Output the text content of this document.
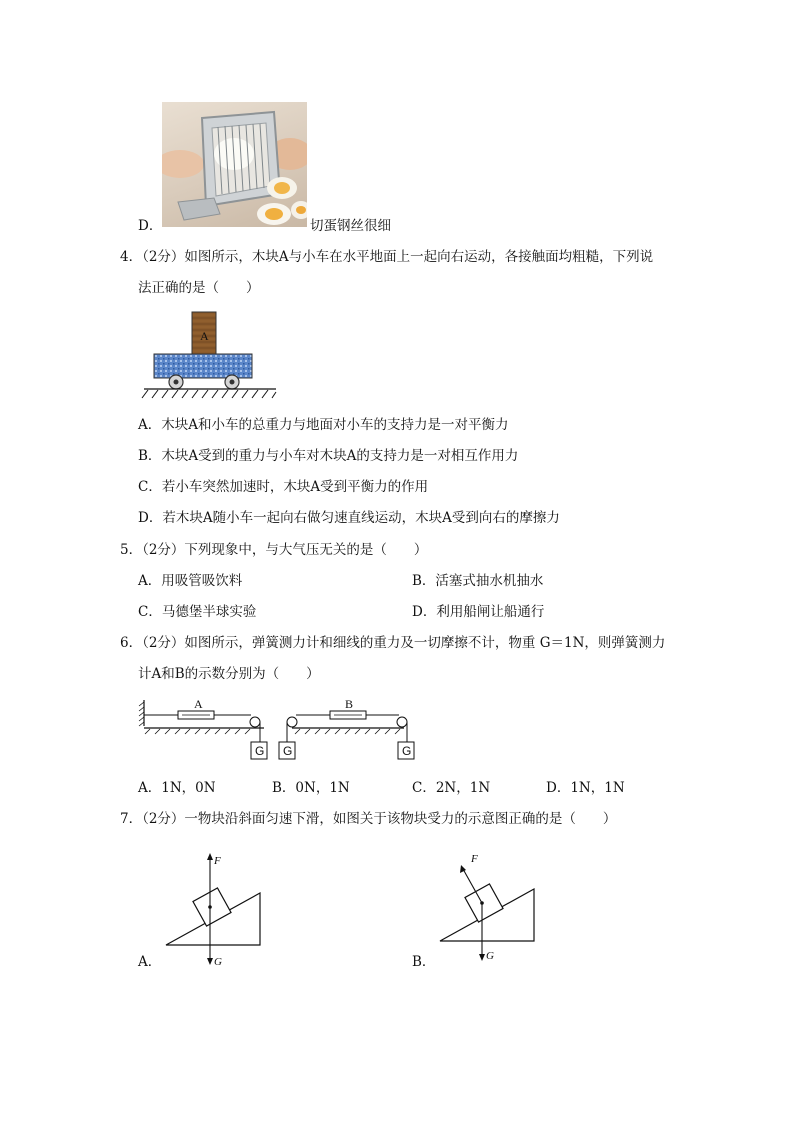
D．	切蛋钢丝很细
4．（2分）如图所示，木块A与小车在水平地面上一起向右运动，各接触面均粗糙，下列说
法正确的是（　　）
A
A．木块A和小车的总重力与地面对小车的支持力是一对平衡力
B．木块A受到的重力与小车对木块A的支持力是一对相互作用力
C．若小车突然加速时，木块A受到平衡力的作用
D．若木块A随小车一起向右做匀速直线运动，木块A受到向右的摩擦力
5．（2分）下列现象中，与大气压无关的是（　　）
A．用吸管吸饮料	B．活塞式抽水机抽水
C．马德堡半球实验	D．利用船闸让船通行
6．（2分）如图所示，弹簧测力计和细线的重力及一切摩擦不计，物重 G＝1N，则弹簧测力
计A和B的示数分别为（　　）
A
G G
B
G
A．1N，0N	B．0N，1N	C．2N，1N	D．1N，1N
7．（2分）一物块沿斜面匀速下滑，如图关于该物块受力的示意图正确的是（　　）
F
G
A．
F
G
B．
